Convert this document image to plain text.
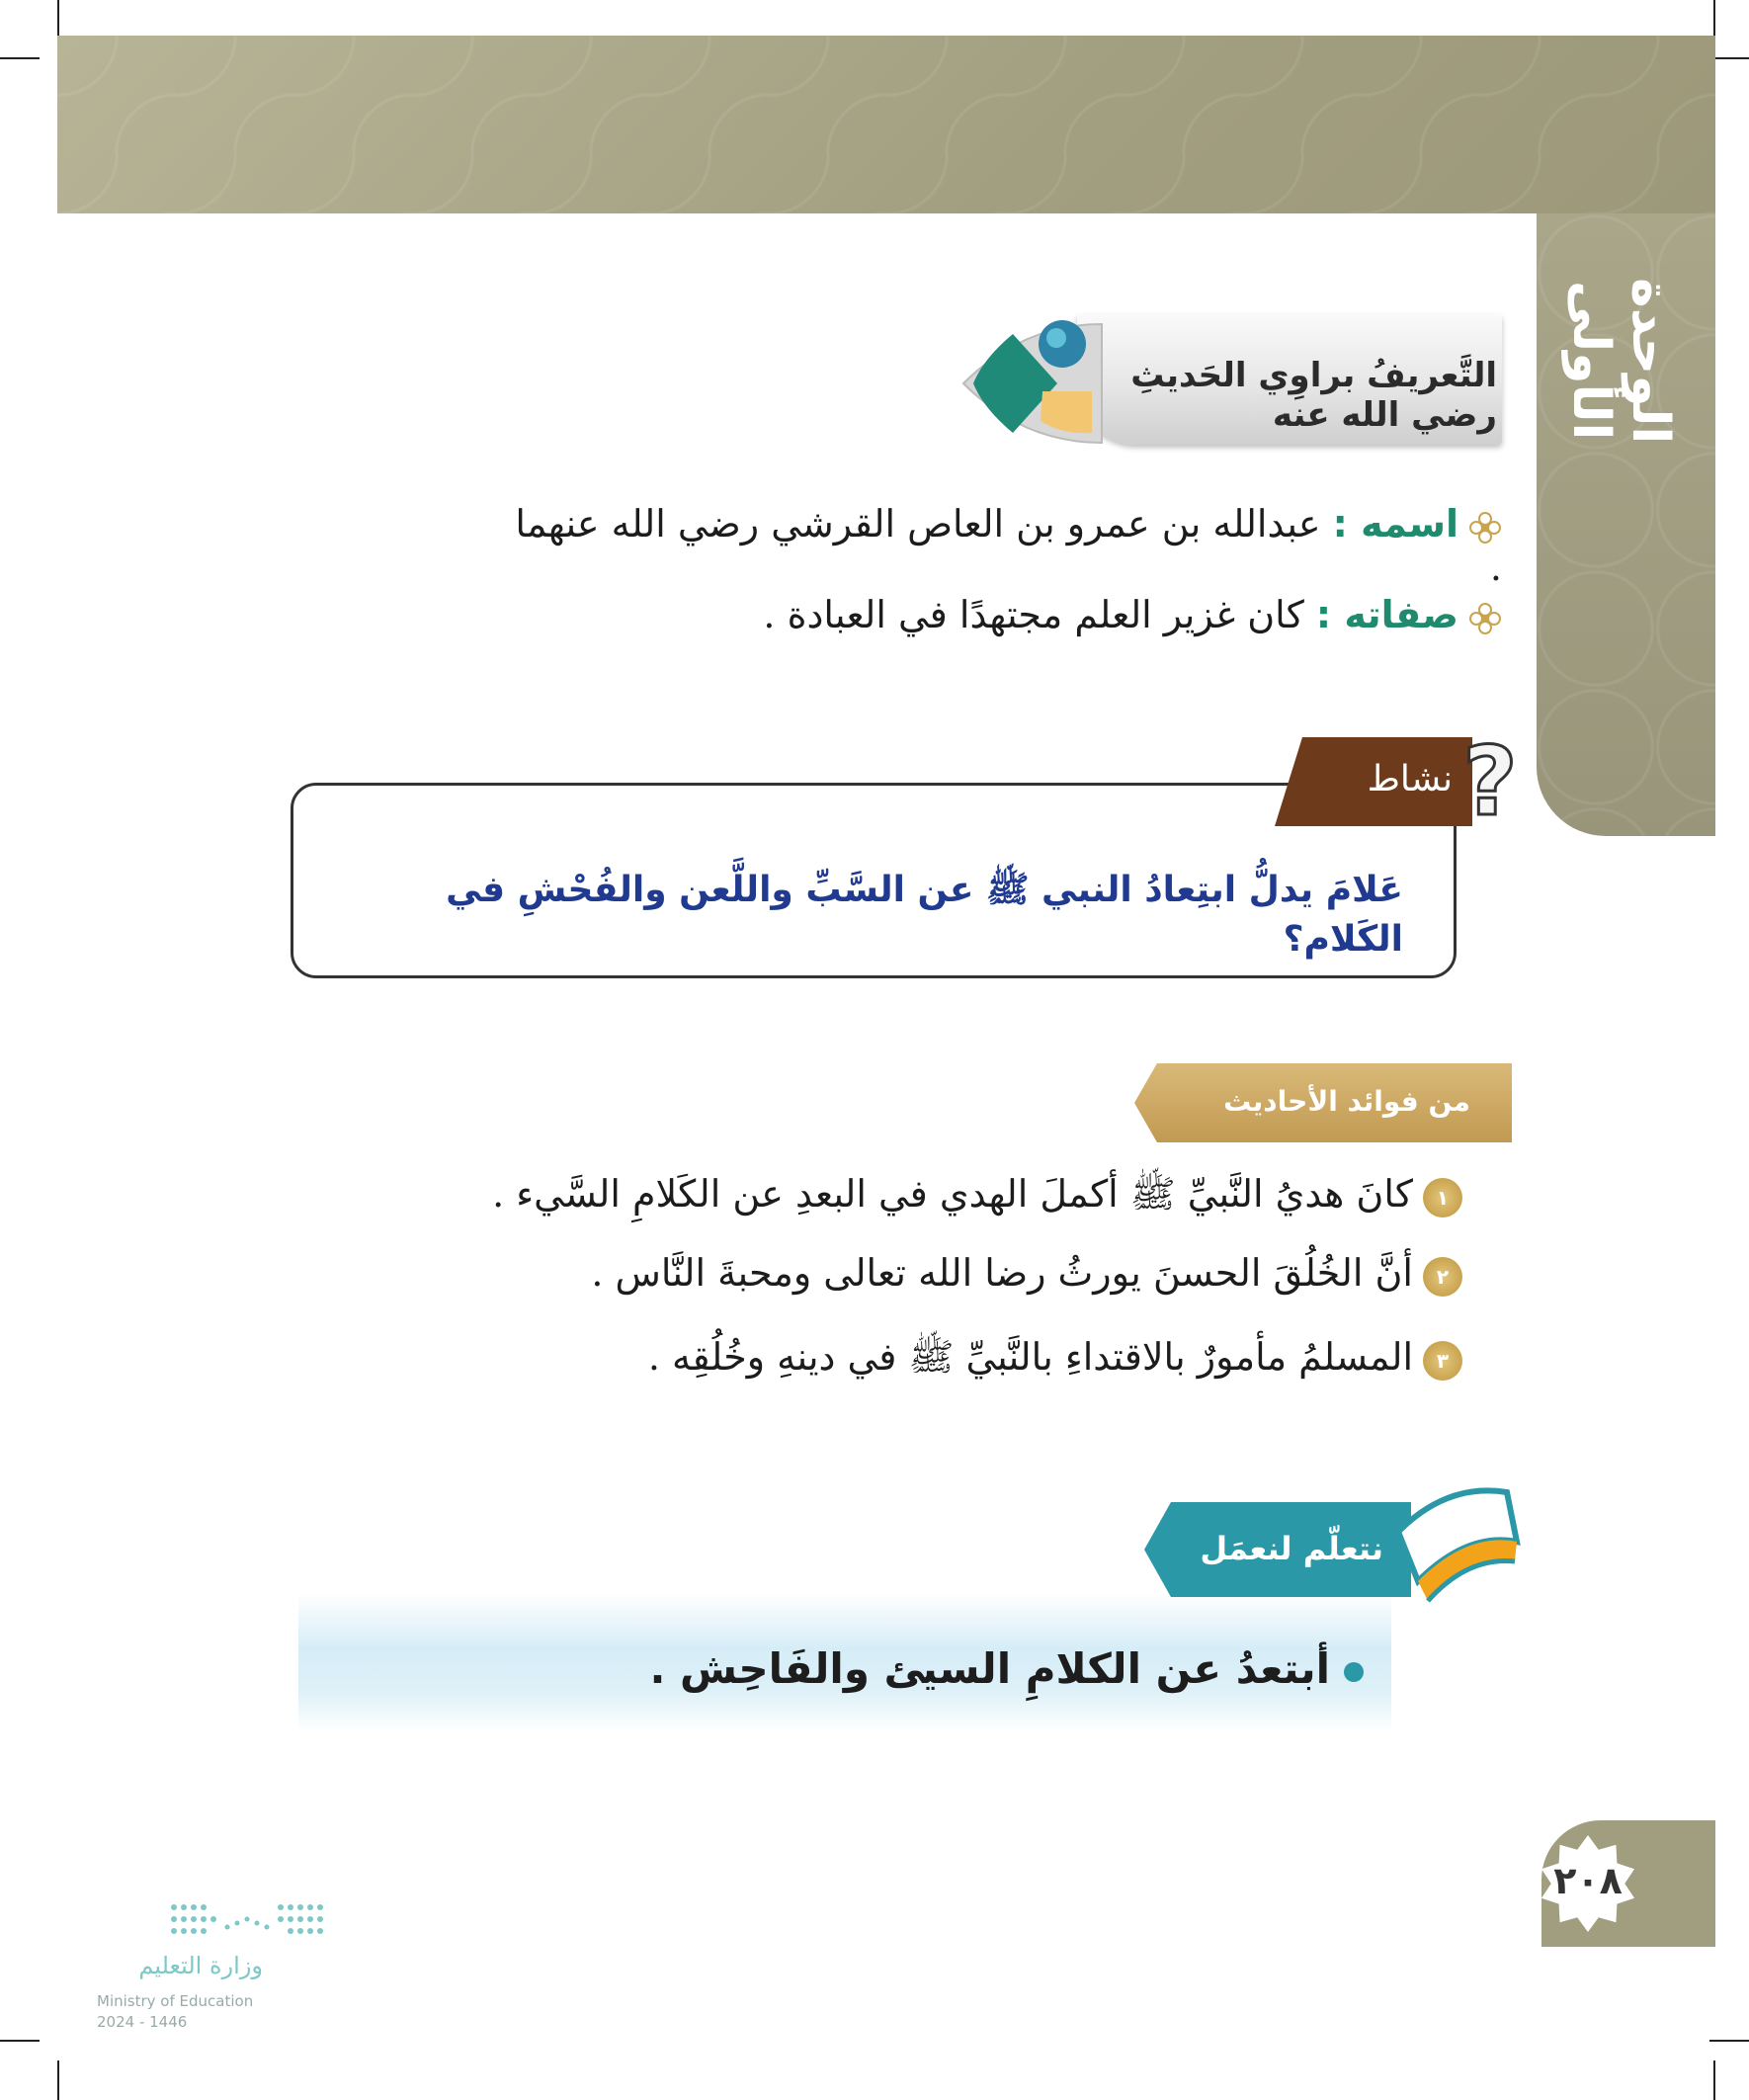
الوحدة الأولى
التَّعريفُ براوِي الحَديثِ رضي الله عنه
اسمه : عبدالله بن عمرو بن العاص القرشي رضي الله عنهما .
صفاته : كان غزير العلم مجتهدًا في العبادة .
نشاط ?
عَلامَ يدلُّ ابتِعادُ النبي ﷺ عن السَّبِّ واللَّعن والفُحْشِ في الكَلام؟
من فوائد الأحاديث
١كانَ هديُ النَّبيِّ ﷺ أكملَ الهدي في البعدِ عن الكَلامِ السَّيء .
٢أنَّ الخُلُقَ الحسنَ يورثُ رضا الله تعالى ومحبةَ النَّاس .
٣المسلمُ مأمورٌ بالاقتداءِ بالنَّبيِّ ﷺ في دينهِ وخُلُقِه .
نتعلّم لنعمَل
أبتعدُ عن الكلامِ السيئ والفَاحِش .
٢٠٨
وزارة التعليم
Ministry of Education
2024 - 1446
